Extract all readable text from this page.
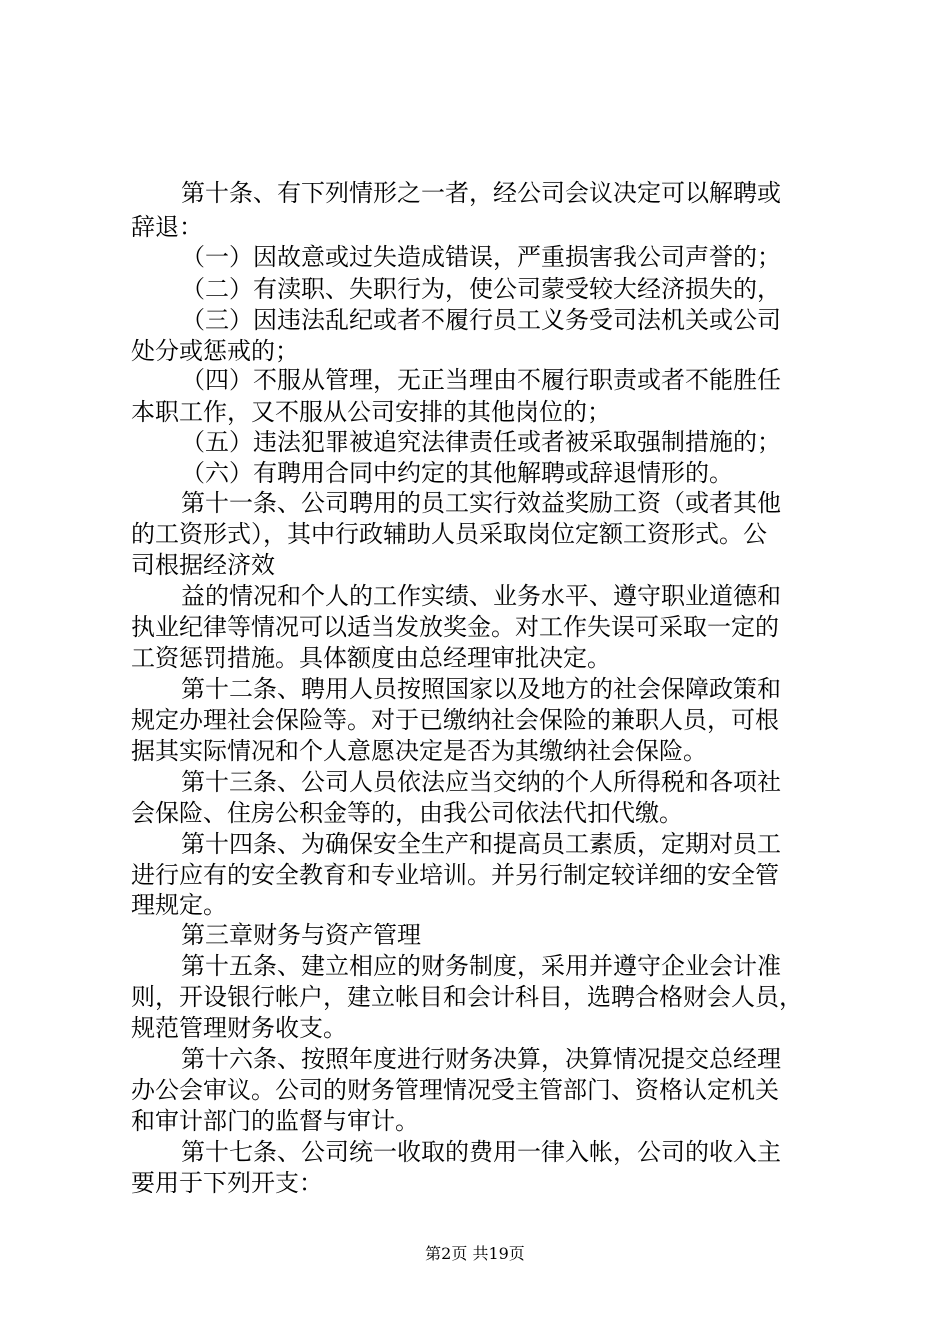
第十条、有下列情形之一者，经公司会议决定可以解聘或
辞退：
（一）因故意或过失造成错误，严重损害我公司声誉的；
（二）有渎职、失职行为，使公司蒙受较大经济损失的，
（三）因违法乱纪或者不履行员工义务受司法机关或公司
处分或惩戒的；
（四）不服从管理，无正当理由不履行职责或者不能胜任
本职工作，又不服从公司安排的其他岗位的；
（五）违法犯罪被追究法律责任或者被采取强制措施的；
（六）有聘用合同中约定的其他解聘或辞退情形的。
第十一条、公司聘用的员工实行效益奖励工资（或者其他
的工资形式），其中行政辅助人员采取岗位定额工资形式。公
司根据经济效
益的情况和个人的工作实绩、业务水平、遵守职业道德和
执业纪律等情况可以适当发放奖金。对工作失误可采取一定的
工资惩罚措施。具体额度由总经理审批决定。
第十二条、聘用人员按照国家以及地方的社会保障政策和
规定办理社会保险等。对于已缴纳社会保险的兼职人员，可根
据其实际情况和个人意愿决定是否为其缴纳社会保险。
第十三条、公司人员依法应当交纳的个人所得税和各项社
会保险、住房公积金等的，由我公司依法代扣代缴。
第十四条、为确保安全生产和提高员工素质，定期对员工
进行应有的安全教育和专业培训。并另行制定较详细的安全管
理规定。
第三章财务与资产管理
第十五条、建立相应的财务制度，采用并遵守企业会计准
则，开设银行帐户，建立帐目和会计科目，选聘合格财会人员，
规范管理财务收支。
第十六条、按照年度进行财务决算，决算情况提交总经理
办公会审议。公司的财务管理情况受主管部门、资格认定机关
和审计部门的监督与审计。
第十七条、公司统一收取的费用一律入帐，公司的收入主
要用于下列开支：
第2页 共19页
